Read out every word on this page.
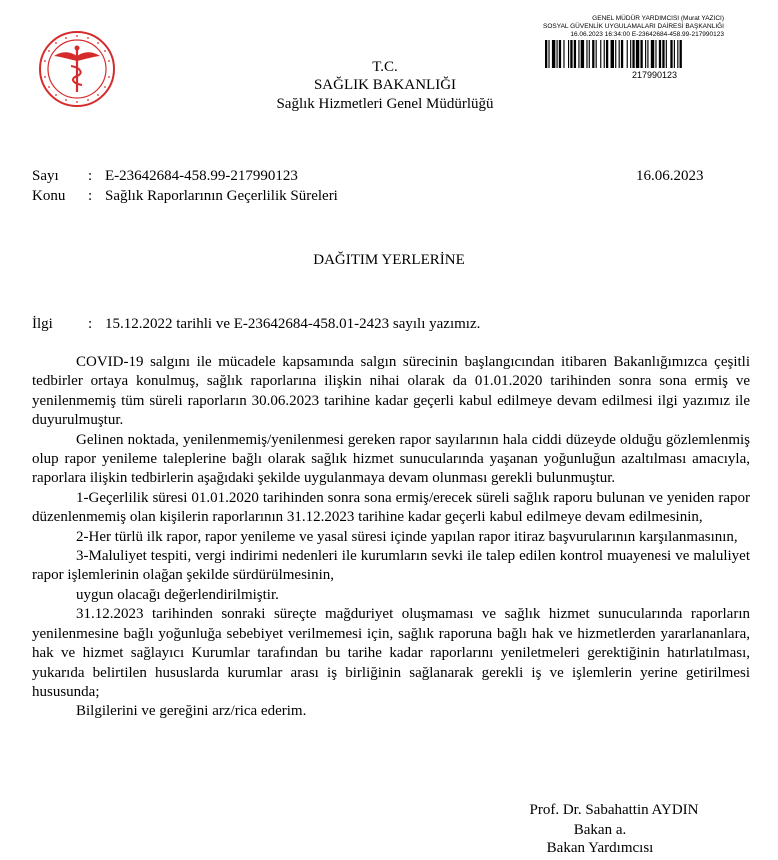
GENEL MÜDÜR YARDIMCISI (Murat YAZICI)
SOSYAL GÜVENLİK UYGULAMALARI DAİRESİ BAŞKANLIĞI
16.06.2023 16:34:00 E-23642684-458.99-217990123
217990123
T.C.
SAĞLIK BAKANLIĞI
Sağlık Hizmetleri Genel Müdürlüğü
Sayı : E-23642684-458.99-217990123	16.06.2023
Konu : Sağlık Raporlarının Geçerlilik Süreleri
DAĞITIM YERLERİNE
İlgi : 15.12.2022 tarihli ve E-23642684-458.01-2423 sayılı yazımız.

COVID-19 salgını ile mücadele kapsamında salgın sürecinin başlangıcından itibaren Bakanlığımızca çeşitli tedbirler ortaya konulmuş, sağlık raporlarına ilişkin nihai olarak da 01.01.2020 tarihinden sonra sona ermiş ve yenilenmemiş tüm süreli raporların 30.06.2023 tarihine kadar geçerli kabul edilmeye devam edilmesi ilgi yazımız ile duyurulmuştur.

Gelinen noktada, yenilenmemiş/yenilenmesi gereken rapor sayılarının hala ciddi düzeyde olduğu gözlemlenmiş olup rapor yenileme taleplerine bağlı olarak sağlık hizmet sunucularında yaşanan yoğunluğun azaltılması amacıyla, raporlara ilişkin tedbirlerin aşağıdaki şekilde uygulanmaya devam olunması gerekli bulunmuştur.

1-Geçerlilik süresi 01.01.2020 tarihinden sonra sona ermiş/erecek süreli sağlık raporu bulunan ve yeniden rapor düzenlenmemiş olan kişilerin raporlarının 31.12.2023 tarihine kadar geçerli kabul edilmeye devam edilmesinin,

2-Her türlü ilk rapor, rapor yenileme ve yasal süresi içinde yapılan rapor itiraz başvurularının karşılanmasının,

3-Maluliyet tespiti, vergi indirimi nedenleri ile kurumların sevki ile talep edilen kontrol muayenesi ve maluliyet rapor işlemlerinin olağan şekilde sürdürülmesinin,

uygun olacağı değerlendirilmiştir.

31.12.2023 tarihinden sonraki süreçte mağduriyet oluşmaması ve sağlık hizmet sunucularında raporların yenilenmesine bağlı yoğunluğa sebebiyet verilmemesi için, sağlık raporuna bağlı hak ve hizmetlerden yararlananlara, hak ve hizmet sağlayıcı Kurumlar tarafından bu tarihe kadar raporlarını yeniletmeleri gerektiğinin hatırlatılması, yukarıda belirtilen hususlarda kurumlar arası iş birliğinin sağlanarak gerekli iş ve işlemlerin yerine getirilmesi hususunda;

Bilgilerini ve gereğini arz/rica ederim.

Prof. Dr. Sabahattin AYDIN
Bakan a.
Bakan Yardımcısı
